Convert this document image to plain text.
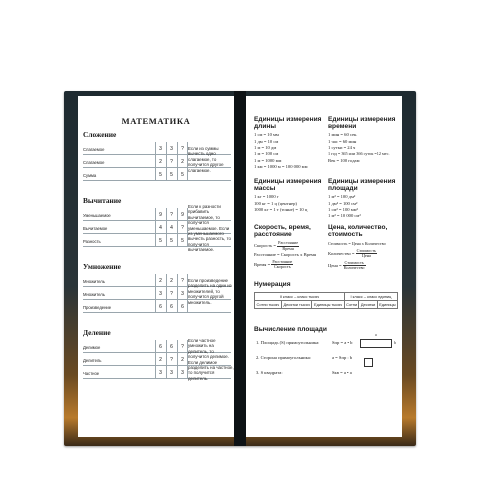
МАТЕМАТИКА
Сложение
Слагаемое	3	3	?
Слагаемое	2	?	2
Сумма	5	5	5
Если из суммы вычесть одно слагаемое, то получится другое слагаемое.
Вычитание
Уменьшаемое	9	?	9
Вычитаемое	4	4	?
Разность	5	5	5
Если к разности прибавить вычитаемое, то получится уменьшаемое. Если из уменьшаемого вычесть разность, то получится вычитаемое.
Умножение
Множитель	2	2	?
Множитель	3	?	3
Произведение	6	6	6
Если произведение разделить на один из множителей, то получится другой множитель.
Деление
Делимое	6	6	?
Делитель	2	?	2
Частное	3	3	3
Если частное умножить на делитель, то получится делимое. Если делимое разделить на частное, то получится делитель.
Единицы измерения длины
1 см = 10 мм
1 дм = 10 см
1 м = 10 дм
1 м = 100 см
1 м = 1000 мм
1 км = 1000 м = 100 000 мм
Единицы измерения времени
1 мин = 60 сек.
1 час = 60 мин
1 сутки = 24 ч
1 год = 365 или 366 суток =12 мес.
Век = 100 годам
Единицы измерения массы
1 кг = 1000 г
100 кг = 1 ц (центнер)
1000 кг = 1 т (тонне) = 10 ц
Единицы измерения площади
1 м² = 100 дм²
1 дм² = 100 см²
1 см² = 100 мм²
1 м² = 10 000 см²
Скорость, время, расстояние
Скорость = $\frac{\text{Расстояние}}{\text{Время}}$
Расстояние = Скорость х Время
Время = $\frac{\text{Расстояние}}{\text{Скорость}}$
Цена, количество, стоимость
Стоимость = Цена х Количество
Количество = $\frac{\text{Стоимость}}{\text{Цена}}$
Цена = $\frac{\text{Стоимость}}{\text{Количество}}$
Нумерация
II класс – класс тысяч			I класс – класс единиц		
Сотни тысяч	Десятки тысяч	Единицы тысяч	Сотни	Десятки	Единицы
Вычисление площади
1. Площадь (S) прямоугольника:	Sпр = a • b
2. Сторона прямоугольника:	a = Sпр : b
3. S квадрата:	Sкв = a • a
a
b
